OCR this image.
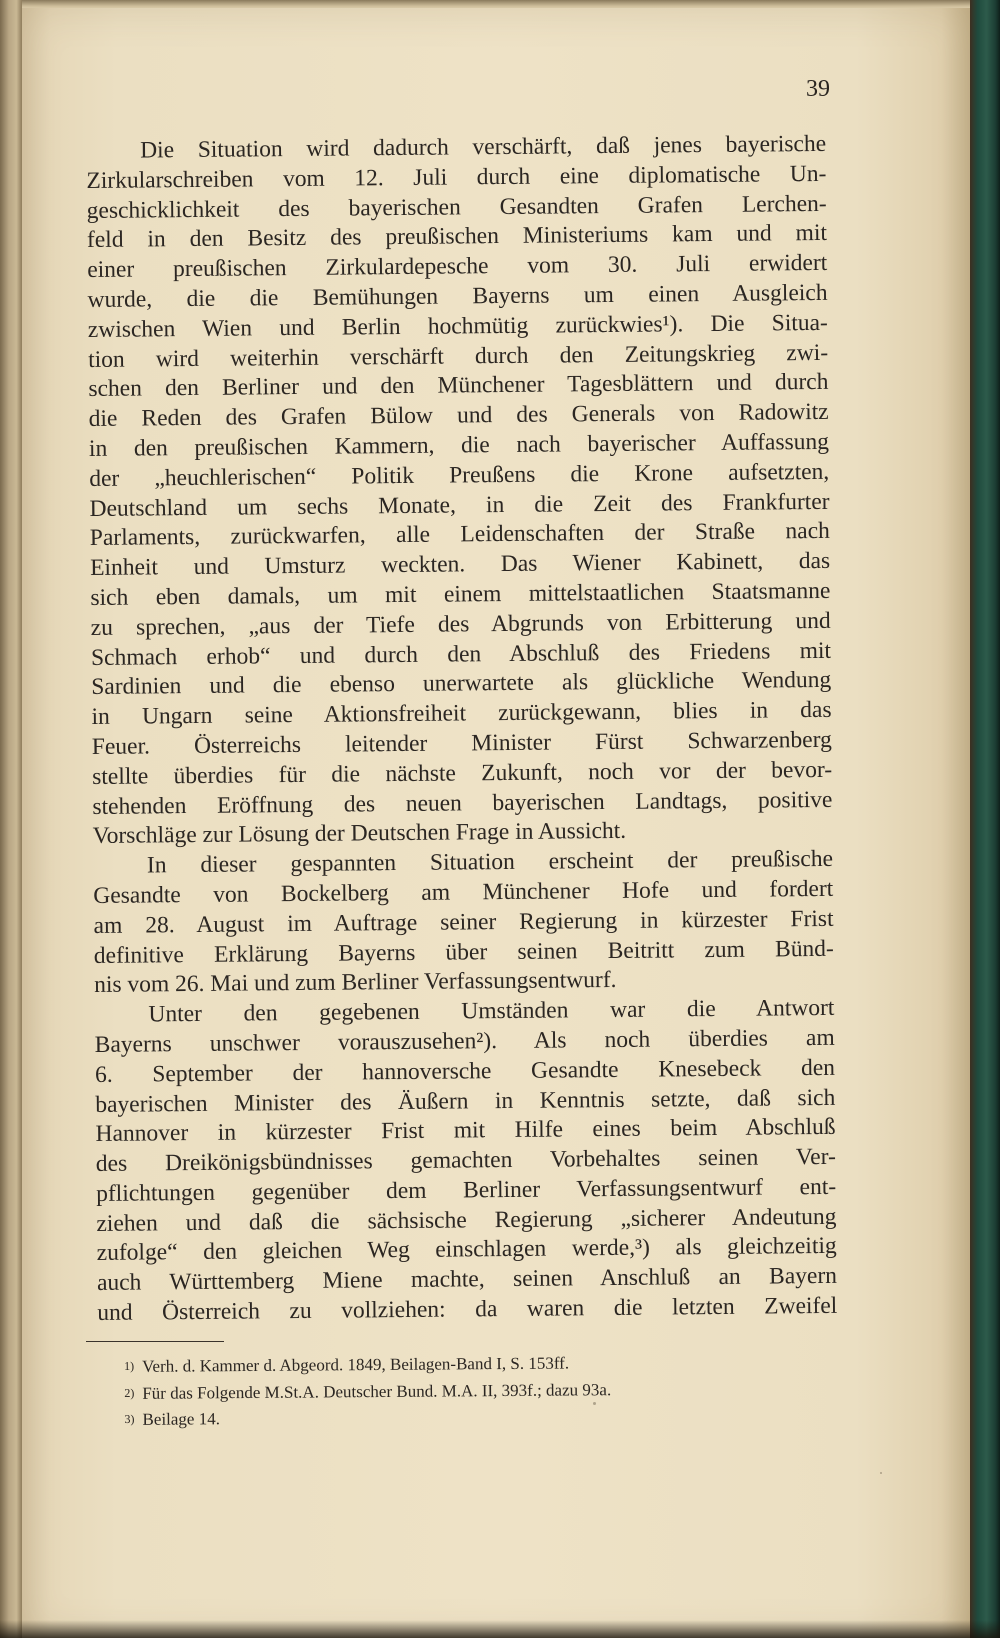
39
Die Situation wird dadurch verschärft, daß jenes bayerische
Zirkularschreiben vom 12. Juli durch eine diplomatische Un-
geschicklichkeit des bayerischen Gesandten Grafen Lerchen-
feld in den Besitz des preußischen Ministeriums kam und mit
einer preußischen Zirkulardepesche vom 30. Juli erwidert
wurde, die die Bemühungen Bayerns um einen Ausgleich
zwischen Wien und Berlin hochmütig zurückwies¹). Die Situa-
tion wird weiterhin verschärft durch den Zeitungskrieg zwi-
schen den Berliner und den Münchener Tagesblättern und durch
die Reden des Grafen Bülow und des Generals von Radowitz
in den preußischen Kammern, die nach bayerischer Auffassung
der „heuchlerischen“ Politik Preußens die Krone aufsetzten,
Deutschland um sechs Monate, in die Zeit des Frankfurter
Parlaments, zurückwarfen, alle Leidenschaften der Straße nach
Einheit und Umsturz weckten. Das Wiener Kabinett, das
sich eben damals, um mit einem mittelstaatlichen Staatsmanne
zu sprechen, „aus der Tiefe des Abgrunds von Erbitterung und
Schmach erhob“ und durch den Abschluß des Friedens mit
Sardinien und die ebenso unerwartete als glückliche Wendung
in Ungarn seine Aktionsfreiheit zurückgewann, blies in das
Feuer. Österreichs leitender Minister Fürst Schwarzenberg
stellte überdies für die nächste Zukunft, noch vor der bevor-
stehenden Eröffnung des neuen bayerischen Landtags, positive
Vorschläge zur Lösung der Deutschen Frage in Aussicht.
In dieser gespannten Situation erscheint der preußische
Gesandte von Bockelberg am Münchener Hofe und fordert
am 28. August im Auftrage seiner Regierung in kürzester Frist
definitive Erklärung Bayerns über seinen Beitritt zum Bünd-
nis vom 26. Mai und zum Berliner Verfassungsentwurf.
Unter den gegebenen Umständen war die Antwort
Bayerns unschwer vorauszusehen²). Als noch überdies am
6. September der hannoversche Gesandte Knesebeck den
bayerischen Minister des Äußern in Kenntnis setzte, daß sich
Hannover in kürzester Frist mit Hilfe eines beim Abschluß
des Dreikönigsbündnisses gemachten Vorbehaltes seinen Ver-
pflichtungen gegenüber dem Berliner Verfassungsentwurf ent-
ziehen und daß die sächsische Regierung „sicherer Andeutung
zufolge“ den gleichen Weg einschlagen werde,³) als gleichzeitig
auch Württemberg Miene machte, seinen Anschluß an Bayern
und Österreich zu vollziehen: da waren die letzten Zweifel
$^{1)}$ Verh. d. Kammer d. Abgeord. 1849, Beilagen-Band I, S. 153ff.
$^{2)}$ Für das Folgende M.St.A. Deutscher Bund. M.A. II, 393f.; dazu 93a.
$^{3)}$ Beilage 14.
